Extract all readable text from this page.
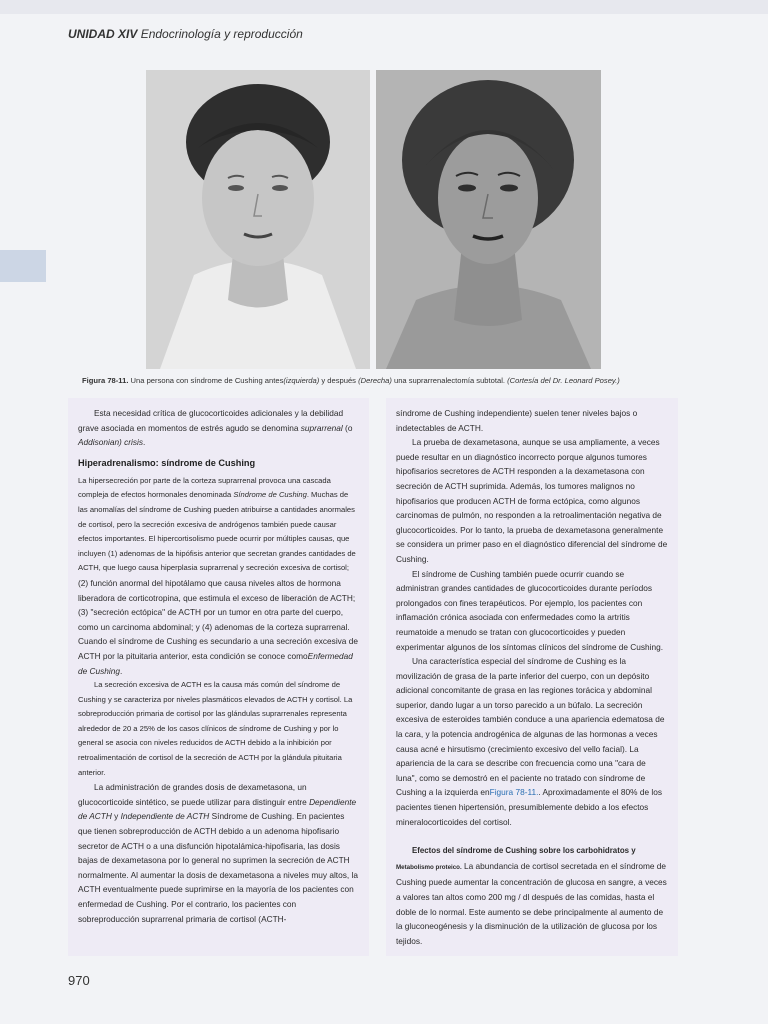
UNIDAD XIV Endocrinología y reproducción
Figura 78-11. Una persona con síndrome de Cushing antes(izquierda) y después (Derecha) una suprarrenalectomía subtotal. (Cortesía del Dr. Leonard Posey.)

Esta necesidad crítica de glucocorticoides adicionales y la debilidad grave asociada en momentos de estrés agudo se denomina suprarrenal (o Addisonian) crisis.

Hiperadrenalismo: síndrome de Cushing

La hipersecreción por parte de la corteza suprarrenal provoca una cascada compleja de efectos hormonales denominada Síndrome de Cushing. Muchas de las anomalías del síndrome de Cushing pueden atribuirse a cantidades anormales de cortisol, pero la secreción excesiva de andrógenos también puede causar efectos importantes. El hipercortisolismo puede ocurrir por múltiples causas, que incluyen (1) adenomas de la hipófisis anterior que secretan grandes cantidades de ACTH, que luego causa hiperplasia suprarrenal y secreción excesiva de cortisol;

(2) función anormal del hipotálamo que causa niveles altos de hormona liberadora de corticotropina, que estimula el exceso de liberación de ACTH; (3) "secreción ectópica" de ACTH por un tumor en otra parte del cuerpo, como un carcinoma abdominal; y (4) adenomas de la corteza suprarrenal. Cuando el síndrome de Cushing es secundario a una secreción excesiva de ACTH por la pituitaria anterior, esta condición se conoce comoEnfermedad de Cushing.

La secreción excesiva de ACTH es la causa más común del síndrome de Cushing y se caracteriza por niveles plasmáticos elevados de ACTH y cortisol. La sobreproducción primaria de cortisol por las glándulas suprarrenales representa alrededor de 20 a 25% de los casos clínicos de síndrome de Cushing y por lo general se asocia con niveles reducidos de ACTH debido a la inhibición por retroalimentación de cortisol de la secreción de ACTH por la glándula pituitaria anterior.

La administración de grandes dosis de dexametasona, un glucocorticoide sintético, se puede utilizar para distinguir entre Dependiente de ACTH y Independiente de ACTH Síndrome de Cushing. En pacientes que tienen sobreproducción de ACTH debido a un adenoma hipofisario secretor de ACTH o a una disfunción hipotalámica-hipofisaria, las dosis bajas de dexametasona por lo general no suprimen la secreción de ACTH normalmente. Al aumentar la dosis de dexametasona a niveles muy altos, la ACTH eventualmente puede suprimirse en la mayoría de los pacientes con enfermedad de Cushing. Por el contrario, los pacientes con sobreproducción suprarrenal primaria de cortisol (ACTH-

síndrome de Cushing independiente) suelen tener niveles bajos o indetectables de ACTH.

La prueba de dexametasona, aunque se usa ampliamente, a veces puede resultar en un diagnóstico incorrecto porque algunos tumores hipofisarios secretores de ACTH responden a la dexametasona con secreción de ACTH suprimida. Además, los tumores malignos no hipofisarios que producen ACTH de forma ectópica, como algunos carcinomas de pulmón, no responden a la retroalimentación negativa de glucocorticoides. Por lo tanto, la prueba de dexametasona generalmente se considera un primer paso en el diagnóstico diferencial del síndrome de Cushing.

El síndrome de Cushing también puede ocurrir cuando se administran grandes cantidades de glucocorticoides durante períodos prolongados con fines terapéuticos. Por ejemplo, los pacientes con inflamación crónica asociada con enfermedades como la artritis reumatoide a menudo se tratan con glucocorticoides y pueden experimentar algunos de los síntomas clínicos del síndrome de Cushing.

Una característica especial del síndrome de Cushing es la movilización de grasa de la parte inferior del cuerpo, con un depósito adicional concomitante de grasa en las regiones torácica y abdominal superior, dando lugar a un torso parecido a un búfalo. La secreción excesiva de esteroides también conduce a una apariencia edematosa de la cara, y la potencia androgénica de algunas de las hormonas a veces causa acné e hirsutismo (crecimiento excesivo del vello facial). La apariencia de la cara se describe con frecuencia como una "cara de luna", como se demostró en el paciente no tratado con síndrome de Cushing a la izquierda enFigura 78-11.. Aproximadamente el 80% de los pacientes tienen hipertensión, presumiblemente debido a los efectos mineralocorticoides del cortisol.

Efectos del síndrome de Cushing sobre los carbohidratos y
Metabolismo proteico. La abundancia de cortisol secretada en el síndrome de Cushing puede aumentar la concentración de glucosa en sangre, a veces a valores tan altos como 200 mg / dl después de las comidas, hasta el doble de lo normal. Este aumento se debe principalmente al aumento de la gluconeogénesis y la disminución de la utilización de glucosa por los tejidos.

970
